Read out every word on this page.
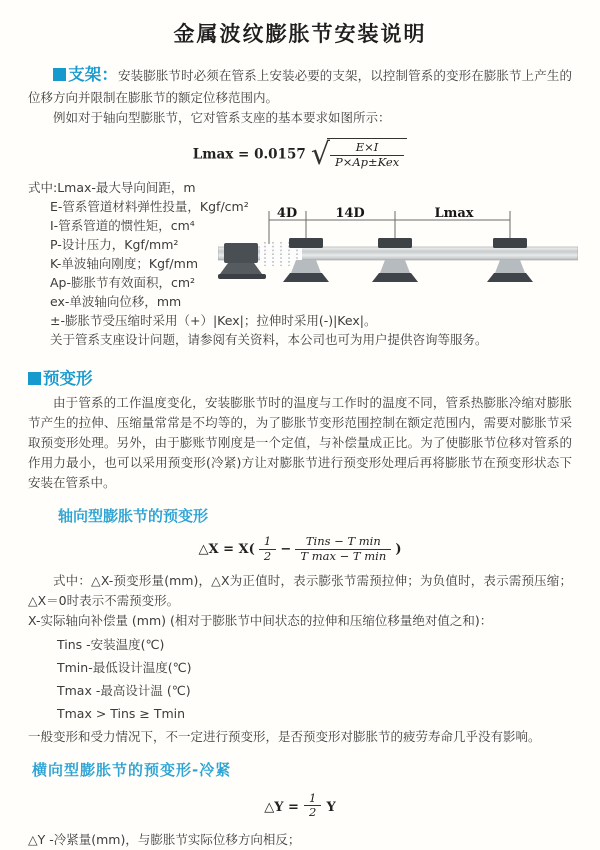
金属波纹膨胀节安装说明

支架：安装膨胀节时必须在管系上安装必要的支架，以控制管系的变形在膨胀节上产生的位移方向并限制在膨胀节的额定位移范围内。

例如对于轴向型膨胀节，它对管系支座的基本要求如图所示：

Lmax = 0.0157 √ $\frac{E\times I}{\text{P×Ap±Kex}}$
式中:Lmax-最大导向间距，m
E-管系管道材料弹性投量，Kgf/cm²
I-管系管道的惯性矩，cm⁴
P-设计压力，Kgf/mm²
K-单波轴向刚度；Kgf/mm
Ap-膨胀节有效面积，cm²
ex-单波轴向位移，mm
±-膨胀节受压缩时采用（+）|Kex|；拉伸时采用(-)|Kex|。
关于管系支座设计问题，请参阅有关资料，本公司也可为用户提供咨询等服务。
4D	14D	Lmax
预变形

由于管系的工作温度变化，安装膨胀节时的温度与工作时的温度不同，管系热膨胀冷缩对膨胀节产生的拉伸、压缩量常常是不均等的，为了膨胀节变形范围控制在额定范围内，需要对膨胀节采取预变形处理。另外，由于膨账节刚度是一个定值，与补偿量成正比。为了使膨胀节位移对管系的作用力最小，也可以采用预变形(冷紧)方让对膨胀节进行预变形处理后再将膨胀节在预变形状态下安装在管系中。

轴向型膨胀节的预变形
△X = $X( \frac{1}{2} - \frac{\text{Tins − T min}}{\text{T max − T min}}$ )

式中：△X-预变形量(mm)，△X为正值时，表示膨张节需预拉伸；为负值时，表示需预压缩；△X＝0时表示不需预变形。

X-实际轴向补偿量 (mm) (相对于膨胀节中间状态的拉伸和压缩位移量绝对值之和)：

Tins -安装温度(℃)
Tmin-最低设计温度(℃)
Tmax -最高设计温 (℃)
Tmax > Tins ≥ Tmin

一般变形和受力情况下，不一定进行预变形，是否预变形对膨胀节的疲劳寿命几乎没有影响。

横向型膨胀节的预变形-冷紧
△Y = $\frac{1}{2}$ Y

△Y -冷紧量(mm)，与膨胀节实际位移方向相反；
